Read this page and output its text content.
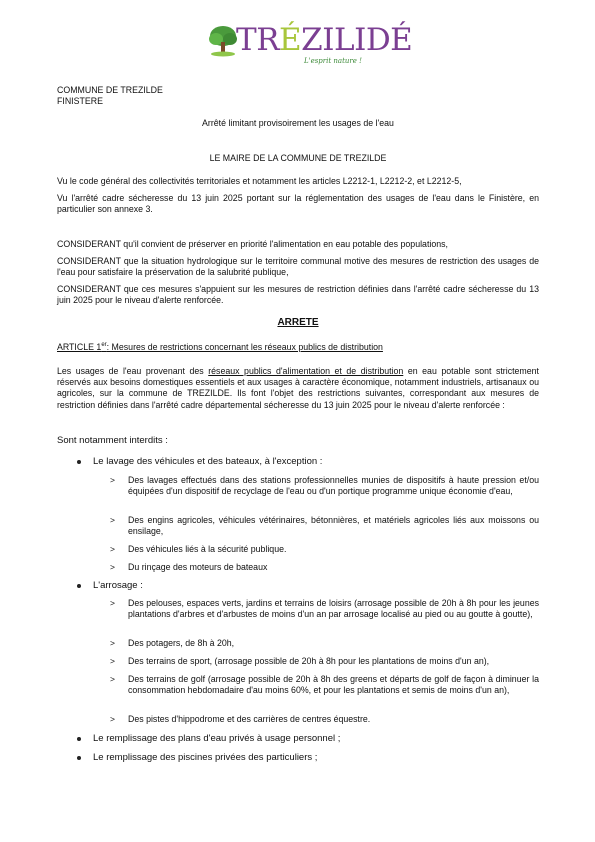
TRÉZILIDÉ
L'esprit nature !
COMMUNE DE TREZILDE
FINISTERE
Arrêté limitant provisoirement les usages de l'eau
LE MAIRE DE LA COMMUNE DE TREZILDE
Vu le code général des collectivités territoriales et notamment les articles L2212-1, L2212-2, et L2212-5,
Vu l'arrêté cadre sécheresse du 13 juin 2025 portant sur la réglementation des usages de l'eau dans le Finistère, en particulier son annexe 3.
CONSIDERANT qu'il convient de préserver en priorité l'alimentation en eau potable des populations,
CONSIDERANT que la situation hydrologique sur le territoire communal motive des mesures de restriction des usages de l'eau pour satisfaire la préservation de la salubrité publique,
CONSIDERANT que ces mesures s'appuient sur les mesures de restriction définies dans l'arrêté cadre sécheresse du 13 juin 2025 pour le niveau d'alerte renforcée.
ARRETE
ARTICLE 1er: Mesures de restrictions concernant les réseaux publics de distribution
Les usages de l'eau provenant des réseaux publics d'alimentation et de distribution en eau potable sont strictement réservés aux besoins domestiques essentiels et aux usages à caractère économique, notamment industriels, artisanaux ou agricoles, sur la commune de TREZILDE. Ils font l'objet des restrictions suivantes, correspondant aux mesures de restriction définies dans l'arrêté cadre départemental sécheresse du 13 juin 2025 pour le niveau d'alerte renforcée :
Sont notamment interdits :
Le lavage des véhicules et des bateaux, à l'exception :
> Des lavages effectués dans des stations professionnelles munies de dispositifs à haute pression et/ou équipées d'un dispositif de recyclage de l'eau ou d'un portique programme unique économie d'eau,
> Des engins agricoles, véhicules vétérinaires, bétonnières, et matériels agricoles liés aux moissons ou ensilage,
> Des véhicules liés à la sécurité publique.
> Du rinçage des moteurs de bateaux
L'arrosage :
> Des pelouses, espaces verts, jardins et terrains de loisirs (arrosage possible de 20h à 8h pour les jeunes plantations d'arbres et d'arbustes de moins d'un an par arrosage localisé au pied ou au goutte à goutte),
> Des potagers, de 8h à 20h,
> Des terrains de sport, (arrosage possible de 20h à 8h pour les plantations de moins d'un an),
> Des terrains de golf (arrosage possible de 20h à 8h des greens et départs de golf de façon à diminuer la consommation hebdomadaire d'au moins 60%, et pour les plantations et semis de moins d'un an),
> Des pistes d'hippodrome et des carrières de centres équestre.
Le remplissage des plans d'eau privés à usage personnel ;
Le remplissage des piscines privées des particuliers ;
